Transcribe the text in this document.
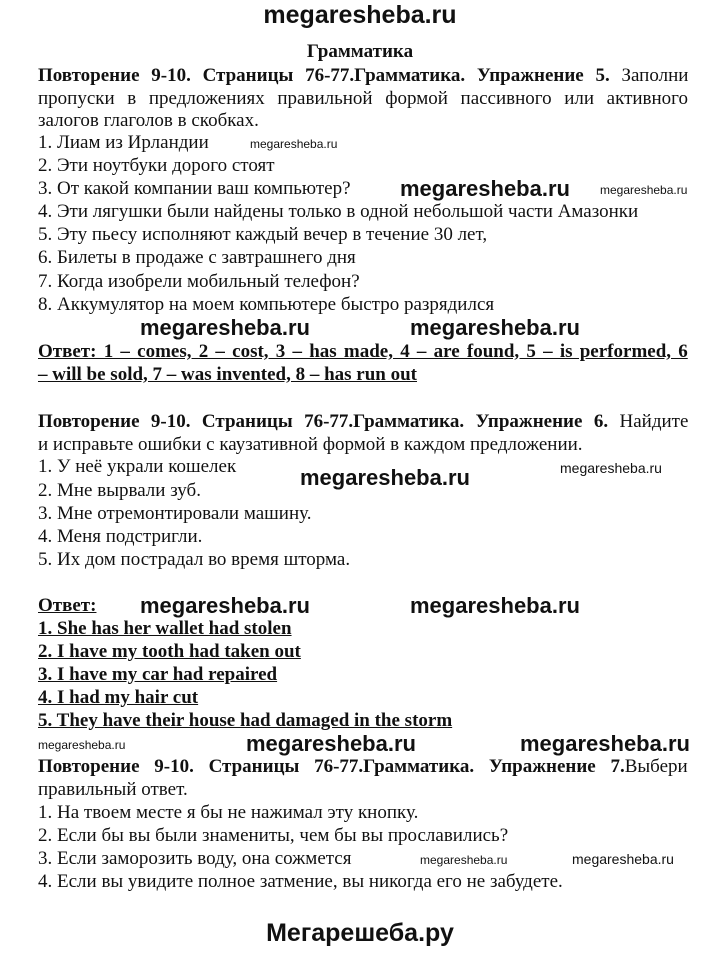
megaresheba.ru
Грамматика
Повторение 9-10. Страницы 76-77.Грамматика. Упражнение 5. Заполни
пропуски в предложениях правильной формой пассивного или активного
залогов глаголов в скобках.
megaresheba.ru
1. Лиам из Ирландии
2. Эти ноутбуки дорого стоят
3. От какой компании ваш компьютер? megaresheba.ru	megaresheba.ru
4. Эти лягушки были найдены только в одной небольшой части Амазонки
5. Эту пьесу исполняют каждый вечер в течение 30 лет,
6. Билеты в продаже с завтрашнего дня
7. Когда изобрели мобильный телефон?
8. Аккумулятор на моем компьютере быстро разрядился
megaresheba.ru	megaresheba.ru
Ответ: 1 – comes, 2 – cost, 3 – has made, 4 – are found, 5 – is performed, 6
– will be sold, 7 – was invented, 8 – has run out
Повторение 9-10. Страницы 76-77.Грамматика. Упражнение 6. Найдите
и исправьте ошибки с каузативной формой в каждом предложении.
megaresheba.ru
1. У неё украли кошелек	megaresheba.ru
2. Мне вырвали зуб.
3. Мне отремонтировали машину.
4. Меня подстригли.
5. Их дом пострадал во время шторма.
Ответ: megaresheba.ru	megaresheba.ru
1. She has her wallet had stolen
2. I have my tooth had taken out
3. I have my car had repaired
4. I had my hair cut
5. They have their house had damaged in the storm
megaresheba.ru	megaresheba.ru	megaresheba.ru
Повторение 9-10. Страницы 76-77.Грамматика. Упражнение 7.Выбери
правильный ответ.
1. На твоем месте я бы не нажимал эту кнопку.
2. Если бы вы были знамениты, чем бы вы прославились?
3. Если заморозить воду, она сожмется	megaresheba.ru	megaresheba.ru
4. Если вы увидите полное затмение, вы никогда его не забудете.
Мегарешеба.ру
